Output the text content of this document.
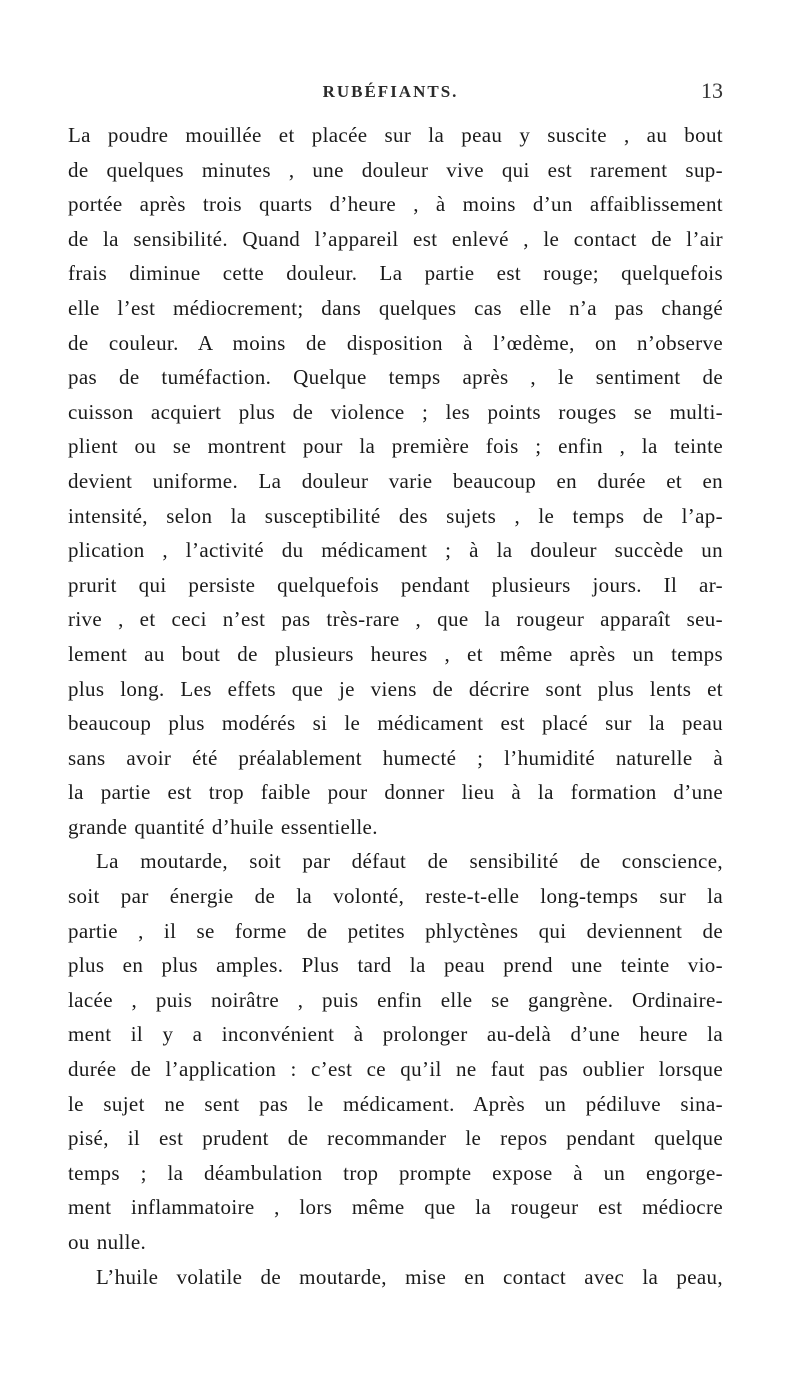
RUBÉFIANTS.	13
La poudre mouillée et placée sur la peau y suscite , au bout
de quelques minutes , une douleur vive qui est rarement sup-
portée après trois quarts d’heure , à moins d’un affaiblissement
de la sensibilité. Quand l’appareil est enlevé , le contact de l’air
frais diminue cette douleur. La partie est rouge; quelquefois
elle l’est médiocrement; dans quelques cas elle n’a pas changé
de couleur. A moins de disposition à l’œdème, on n’observe
pas de tuméfaction. Quelque temps après , le sentiment de
cuisson acquiert plus de violence ; les points rouges se multi-
plient ou se montrent pour la première fois ; enfin , la teinte
devient uniforme. La douleur varie beaucoup en durée et en
intensité, selon la susceptibilité des sujets , le temps de l’ap-
plication , l’activité du médicament ; à la douleur succède un
prurit qui persiste quelquefois pendant plusieurs jours. Il ar-
rive , et ceci n’est pas très-rare , que la rougeur apparaît seu-
lement au bout de plusieurs heures , et même après un temps
plus long. Les effets que je viens de décrire sont plus lents et
beaucoup plus modérés si le médicament est placé sur la peau
sans avoir été préalablement humecté ; l’humidité naturelle à
la partie est trop faible pour donner lieu à la formation d’une
grande quantité d’huile essentielle.
La moutarde, soit par défaut de sensibilité de conscience,
soit par énergie de la volonté, reste-t-elle long-temps sur la
partie , il se forme de petites phlyctènes qui deviennent de
plus en plus amples. Plus tard la peau prend une teinte vio-
lacée , puis noirâtre , puis enfin elle se gangrène. Ordinaire-
ment il y a inconvénient à prolonger au-delà d’une heure la
durée de l’application : c’est ce qu’il ne faut pas oublier lorsque
le sujet ne sent pas le médicament. Après un pédiluve sina-
pisé, il est prudent de recommander le repos pendant quelque
temps ; la déambulation trop prompte expose à un engorge-
ment inflammatoire , lors même que la rougeur est médiocre
ou nulle.
L’huile volatile de moutarde, mise en contact avec la peau,
